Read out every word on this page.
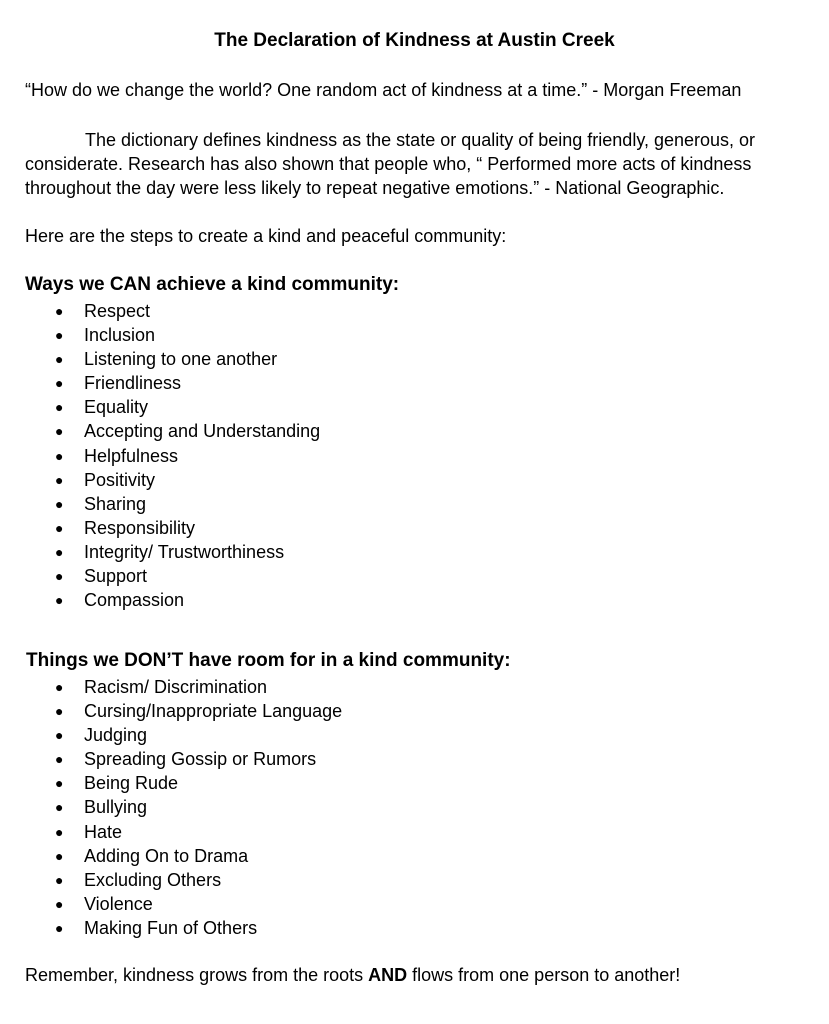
The Declaration of Kindness at Austin Creek
“How do we change the world? One random act of kindness at a time.” - Morgan Freeman
The dictionary defines kindness as the state or quality of being friendly, generous, or considerate. Research has also shown that people who, “ Performed more acts of kindness throughout the day were less likely to repeat negative emotions.” - National Geographic.
Here are the steps to create a kind and peaceful community:
Ways we CAN achieve a kind community:
● Respect
● Inclusion
● Listening to one another
● Friendliness
● Equality
● Accepting and Understanding
● Helpfulness
● Positivity
● Sharing
● Responsibility
● Integrity/ Trustworthiness
● Support
● Compassion
Things we DON’T have room for in a kind community:
● Racism/ Discrimination
● Cursing/Inappropriate Language
● Judging
● Spreading Gossip or Rumors
● Being Rude
● Bullying
● Hate
● Adding On to Drama
● Excluding Others
● Violence
● Making Fun of Others
Remember, kindness grows from the roots AND flows from one person to another!
